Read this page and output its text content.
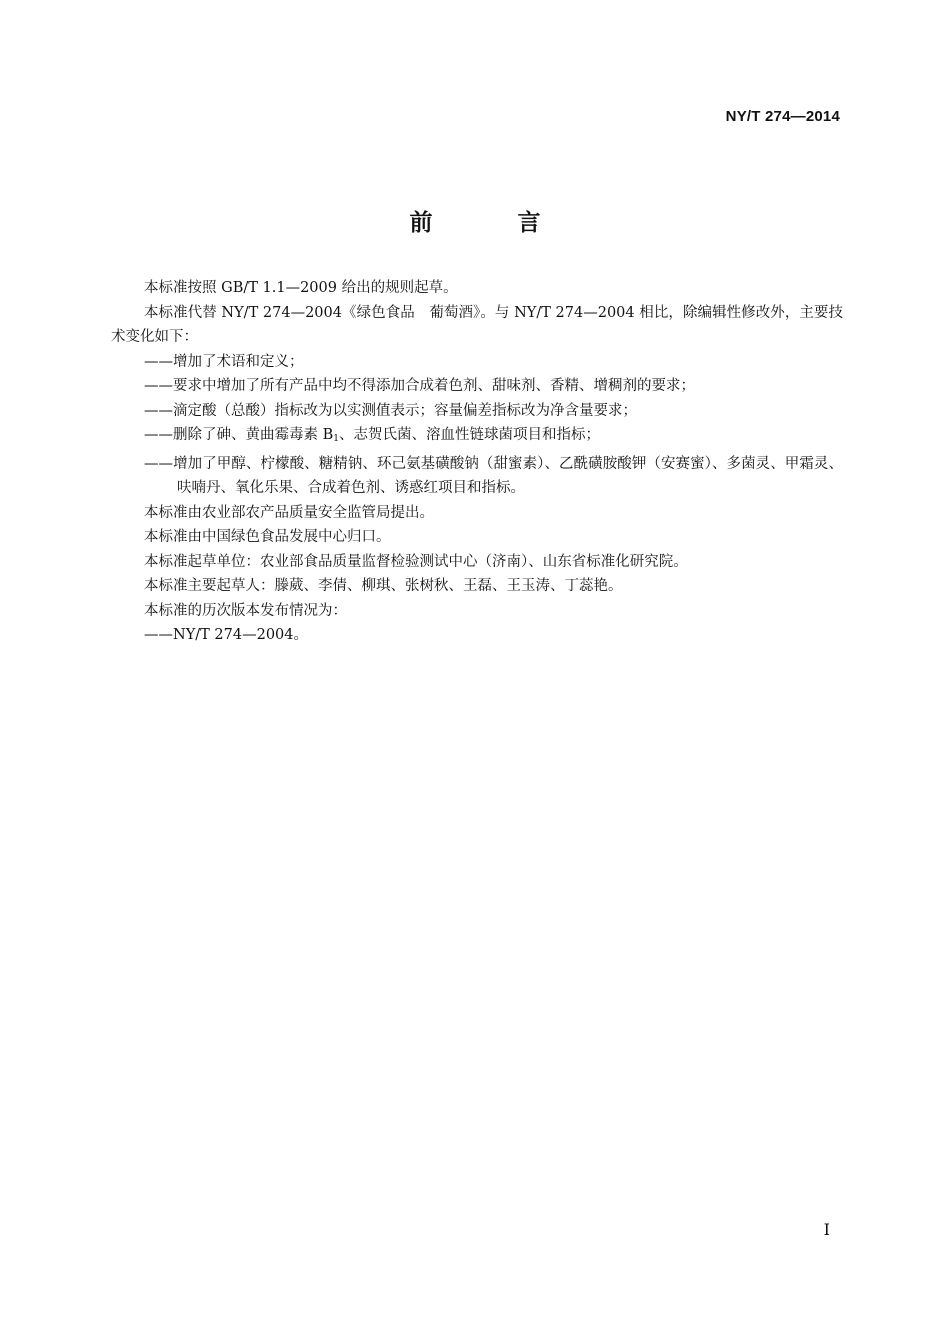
NY/T 274—2014
前言

本标准按照 GB/T 1.1—2009 给出的规则起草。

本标准代替 NY/T 274—2004《绿色食品　葡萄酒》。与 NY/T 274—2004 相比，除编辑性修改外，主要技术变化如下：

——增加了术语和定义；

——要求中增加了所有产品中均不得添加合成着色剂、甜味剂、香精、增稠剂的要求；

——滴定酸（总酸）指标改为以实测值表示；容量偏差指标改为净含量要求；

——删除了砷、黄曲霉毒素 $B_1$、志贺氏菌、溶血性链球菌项目和指标；

——增加了甲醇、柠檬酸、糖精钠、环己氨基磺酸钠（甜蜜素）、乙酰磺胺酸钾（安赛蜜）、多菌灵、甲霜灵、呋喃丹、氧化乐果、合成着色剂、诱惑红项目和指标。

本标准由农业部农产品质量安全监管局提出。

本标准由中国绿色食品发展中心归口。

本标准起草单位：农业部食品质量监督检验测试中心（济南）、山东省标准化研究院。

本标准主要起草人：滕葳、李倩、柳琪、张树秋、王磊、王玉涛、丁蕊艳。

本标准的历次版本发布情况为：

——NY/T 274—2004。

I
